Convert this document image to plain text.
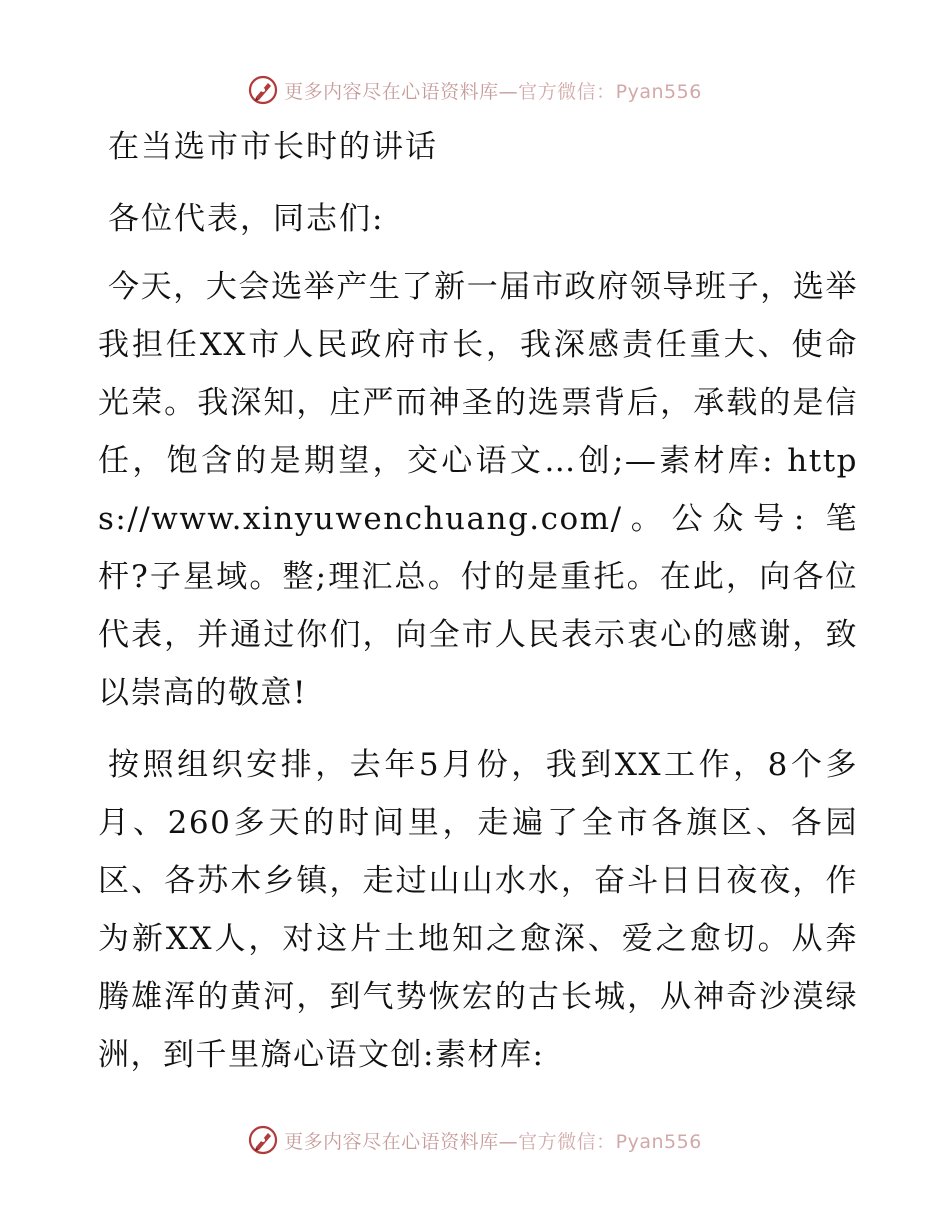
更多内容尽在心语资料库—官方微信：Pyan556
在当选市市长时的讲话

各位代表，同志们:

今天，大会选举产生了新一届市政府领导班子，选举我担任XX市人民政府市长，我深感责任重大、使命光荣。我深知，庄严而神圣的选票背后，承载的是信任，饱含的是期望，交心语文…创;—素材库: https://www.xinyuwenchuang.com/。公众号: 笔杆?子星域。整;理汇总。付的是重托。在此，向各位代表，并通过你们，向全市人民表示衷心的感谢，致以崇高的敬意!

按照组织安排，去年5月份，我到XX工作，8个多月、260多天的时间里，走遍了全市各旗区、各园区、各苏木乡镇，走过山山水水，奋斗日日夜夜，作为新XX人，对这片土地知之愈深、爱之愈切。从奔腾雄浑的黄河，到气势恢宏的古长城，从神奇沙漠绿洲，到千里旖心语文创:素材库:

更多内容尽在心语资料库—官方微信：Pyan556
